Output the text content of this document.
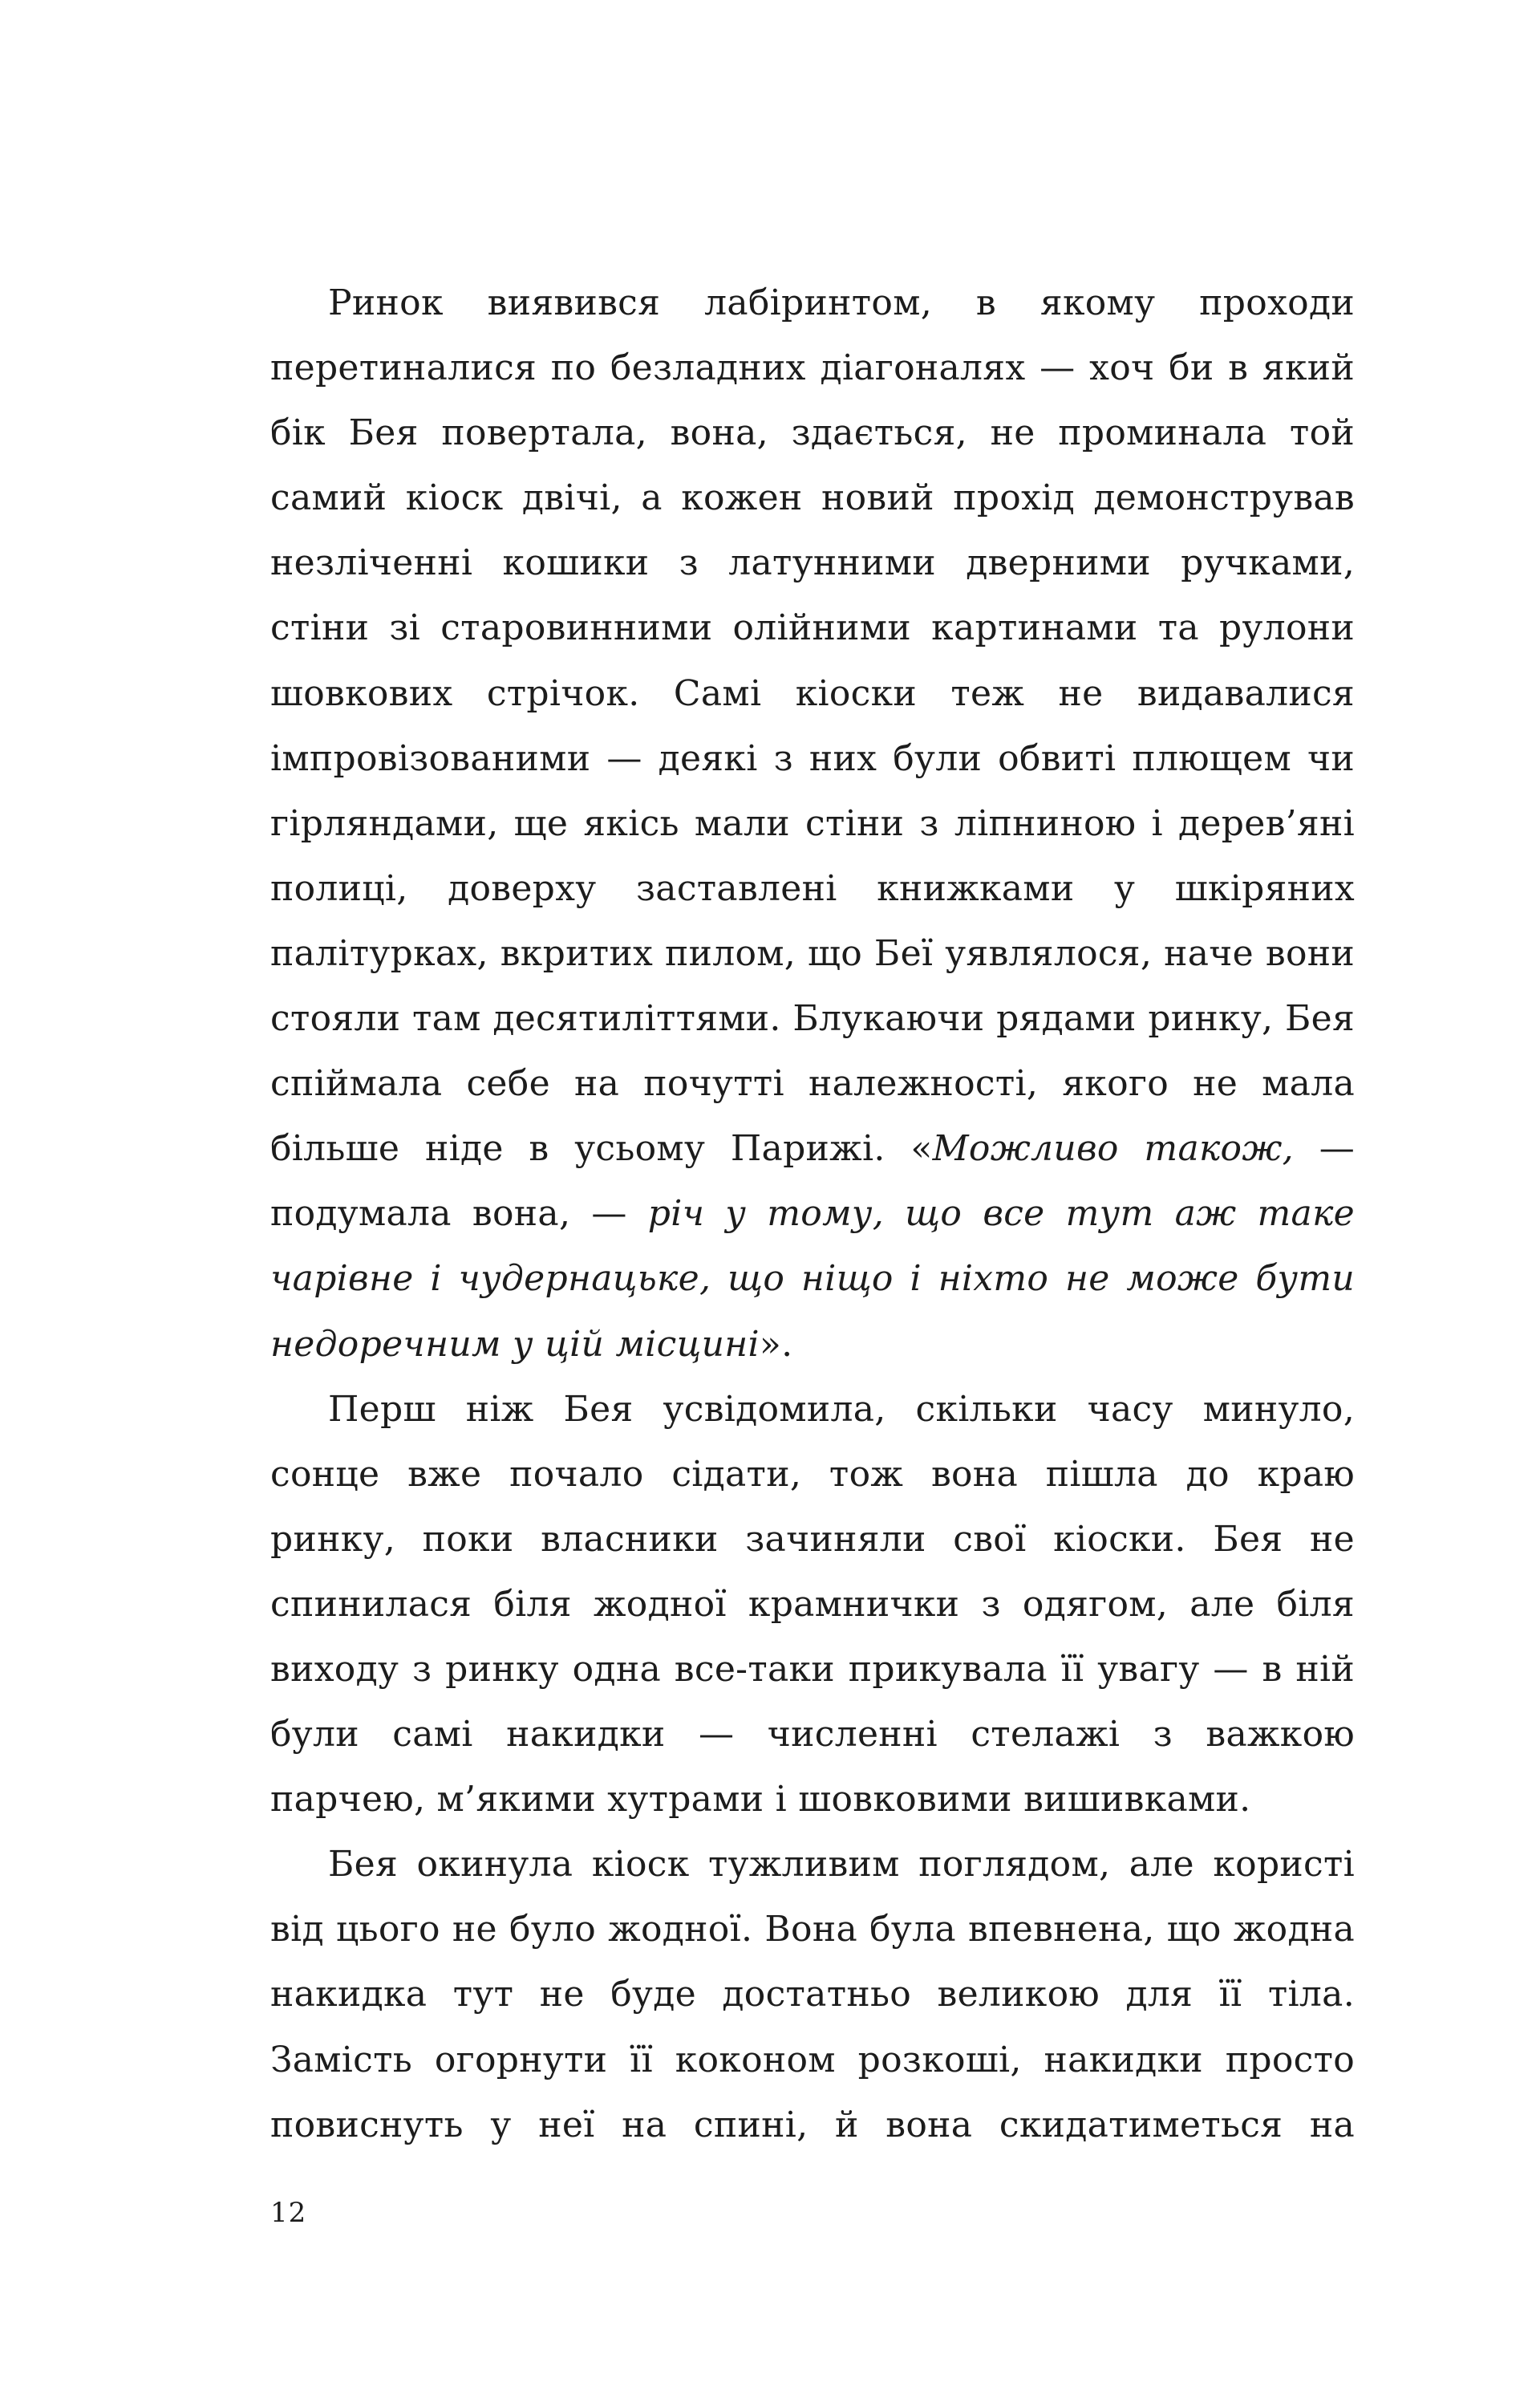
Ринок виявився лабіринтом, в якому проходи перетиналися по безладних діагоналях — хоч би в який бік Бея повертала, вона, здається, не проминала той самий кіоск двічі, а кожен новий прохід демонстрував незліченні кошики з латунними дверними ручками, стіни зі старовинними олійними картинами та рулони шовкових стрічок. Самі кіоски теж не видавалися імпровізованими — деякі з них були обвиті плющем чи гірляндами, ще якісь мали стіни з ліпниною і дерев’яні полиці, доверху заставлені книжками у шкіряних палітурках, вкритих пилом, що Беї уявлялося, наче вони стояли там десятиліттями. Блукаючи рядами ринку, Бея спіймала себе на почутті належності, якого не мала більше ніде в усьому Парижі. «Можливо також, — подумала вона, — річ у тому, що все тут аж таке чарівне і чудернацьке, що ніщо і ніхто не може бути недоречним у цій місцині».

Перш ніж Бея усвідомила, скільки часу минуло, сонце вже почало сідати, тож вона пішла до краю ринку, поки власники зачиняли свої кіоски. Бея не спинилася біля жодної крамнички з одягом, але біля виходу з ринку одна все-таки прикувала її увагу — в ній були самі накидки — численні стелажі з важкою парчею, м’якими хутрами і шовковими вишивками.

Бея окинула кіоск тужливим поглядом, але користі від цього не було жодної. Вона була впевнена, що жодна накидка тут не буде достатньо великою для її тіла. Замість огорнути її коконом розкоші, накидки просто повиснуть у неї на спині, й вона скидатиметься на

12
